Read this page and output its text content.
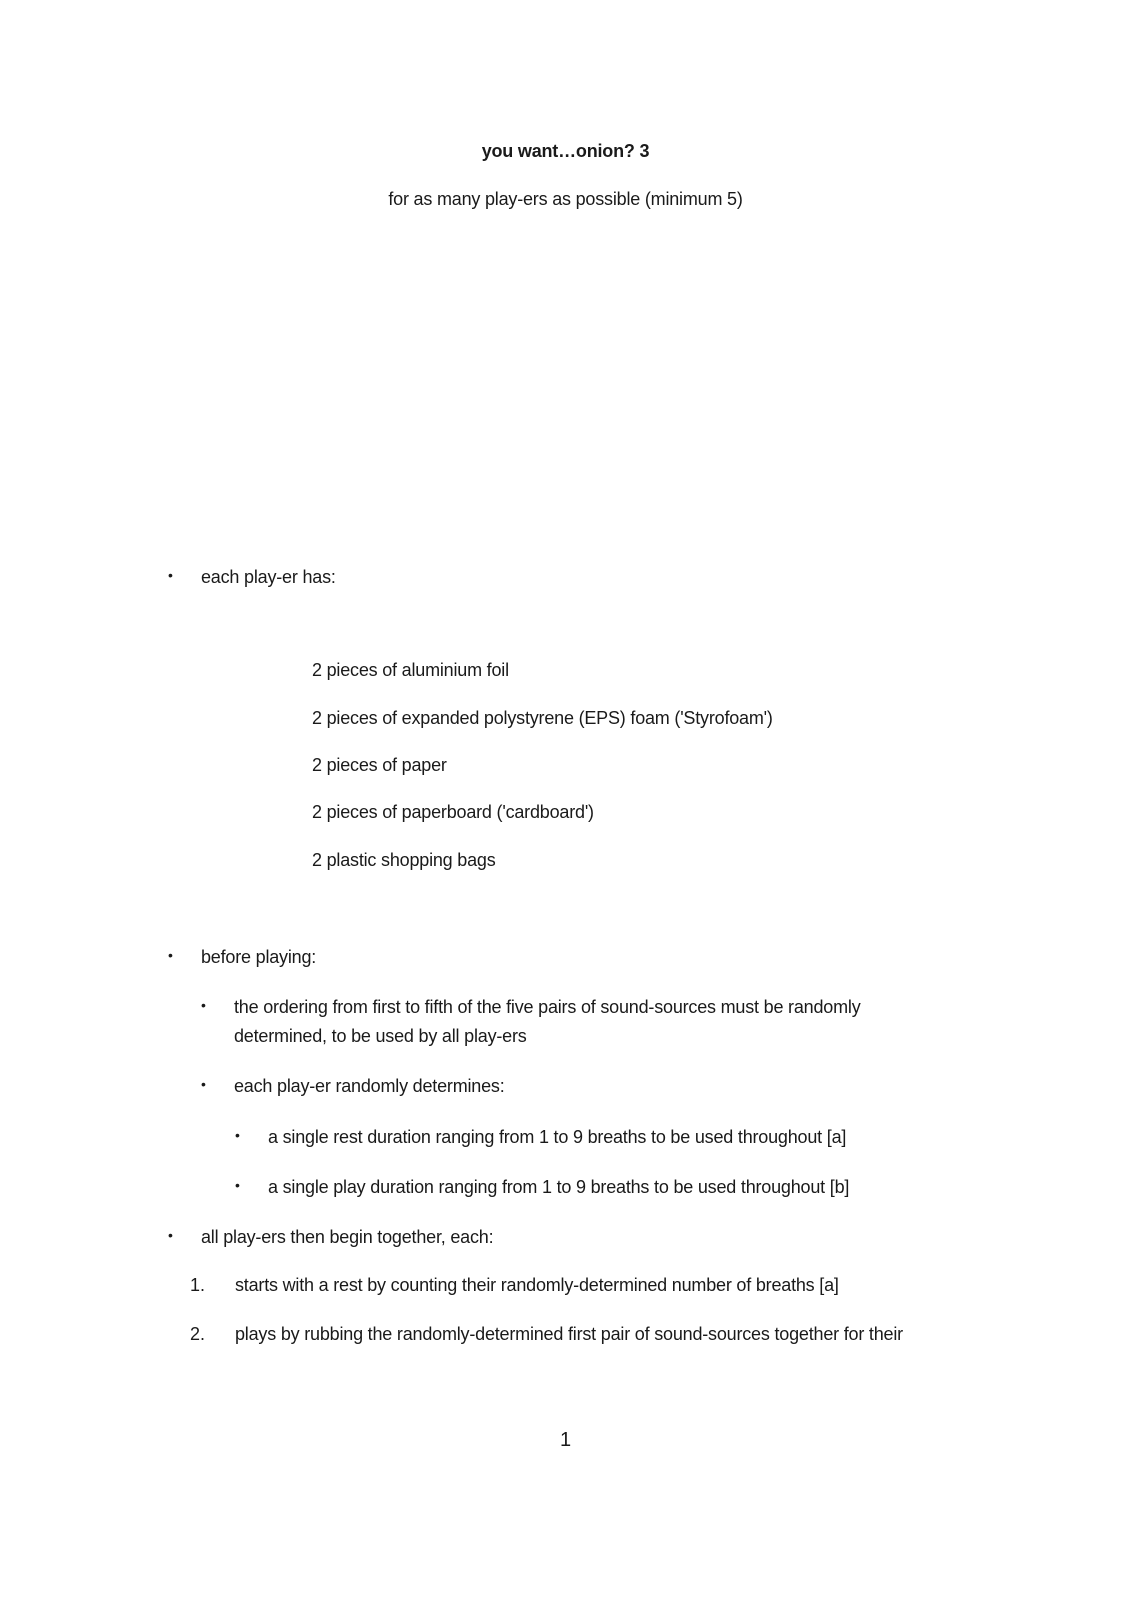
you want…onion? 3
for as many play-ers as possible (minimum 5)
• each play-er has:
2 pieces of aluminium foil
2 pieces of expanded polystyrene (EPS) foam ('Styrofoam')
2 pieces of paper
2 pieces of paperboard ('cardboard')
2 plastic shopping bags
• before playing:
• the ordering from first to fifth of the five pairs of sound-sources must be randomly
determined, to be used by all play-ers
• each play-er randomly determines:
• a single rest duration ranging from 1 to 9 breaths to be used throughout [a]
• a single play duration ranging from 1 to 9 breaths to be used throughout [b]
• all play-ers then begin together, each:
1. starts with a rest by counting their randomly-determined number of breaths [a]
2. plays by rubbing the randomly-determined first pair of sound-sources together for their
1
